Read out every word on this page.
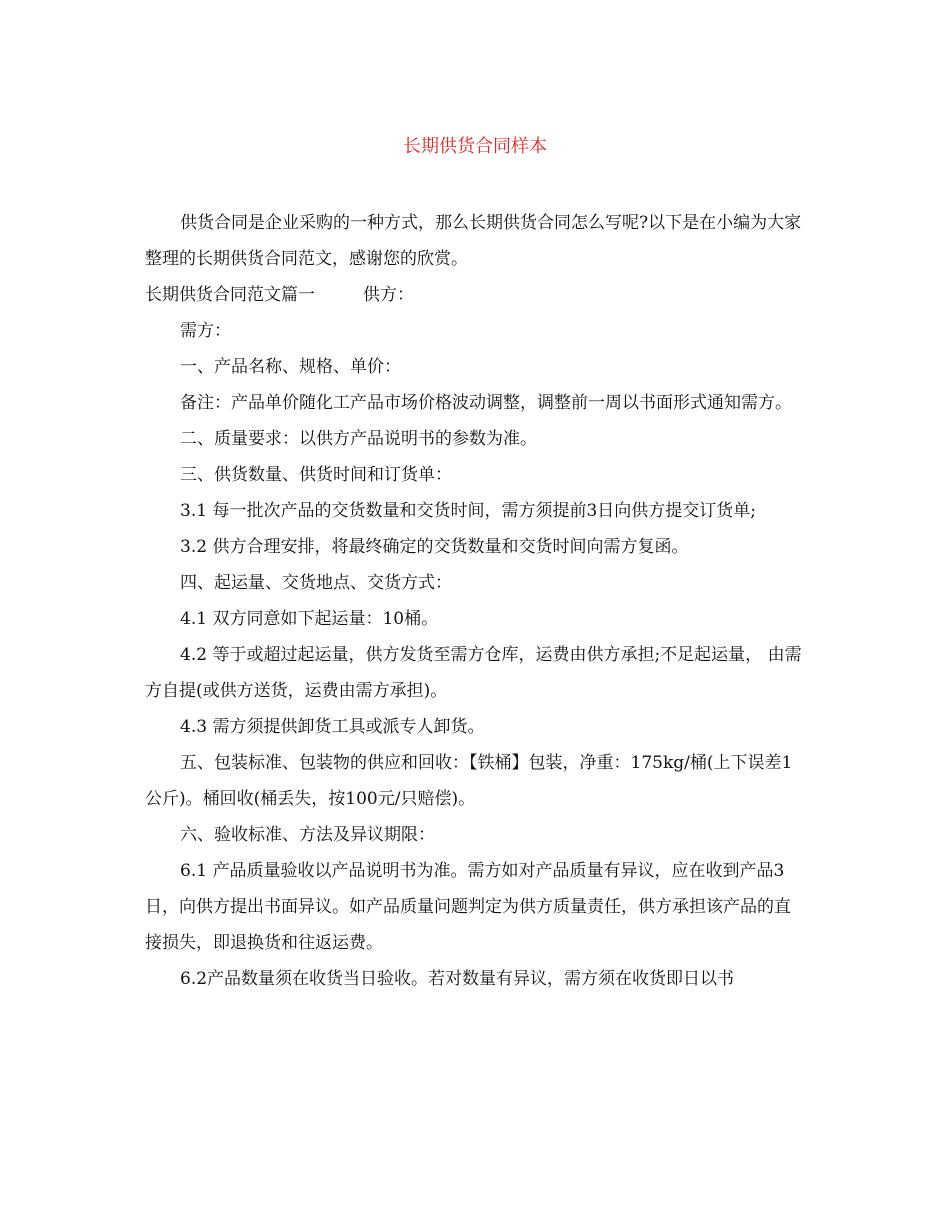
长期供货合同样本

供货合同是企业采购的一种方式，那么长期供货合同怎么写呢?以下是在小编为大家整理的长期供货合同范文，感谢您的欣赏。

长期供货合同范文篇一	供方：

需方：

一、产品名称、规格、单价：

备注：产品单价随化工产品市场价格波动调整，调整前一周以书面形式通知需方。

二、质量要求：以供方产品说明书的参数为准。

三、供货数量、供货时间和订货单：

3.1 每一批次产品的交货数量和交货时间，需方须提前3日向供方提交订货单;

3.2 供方合理安排，将最终确定的交货数量和交货时间向需方复函。

四、起运量、交货地点、交货方式：

4.1 双方同意如下起运量：10桶。

4.2 等于或超过起运量，供方发货至需方仓库，运费由供方承担;不足起运量， 由需方自提(或供方送货，运费由需方承担)。

4.3 需方须提供卸货工具或派专人卸货。

五、包装标准、包装物的供应和回收：【铁桶】包装，净重：175kg/桶(上下误差1公斤)。桶回收(桶丢失，按100元/只赔偿)。

六、验收标准、方法及异议期限：

6.1 产品质量验收以产品说明书为准。需方如对产品质量有异议，应在收到产品3日，向供方提出书面异议。如产品质量问题判定为供方质量责任，供方承担该产品的直接损失，即退换货和往返运费。

6.2产品数量须在收货当日验收。若对数量有异议，需方须在收货即日以书
